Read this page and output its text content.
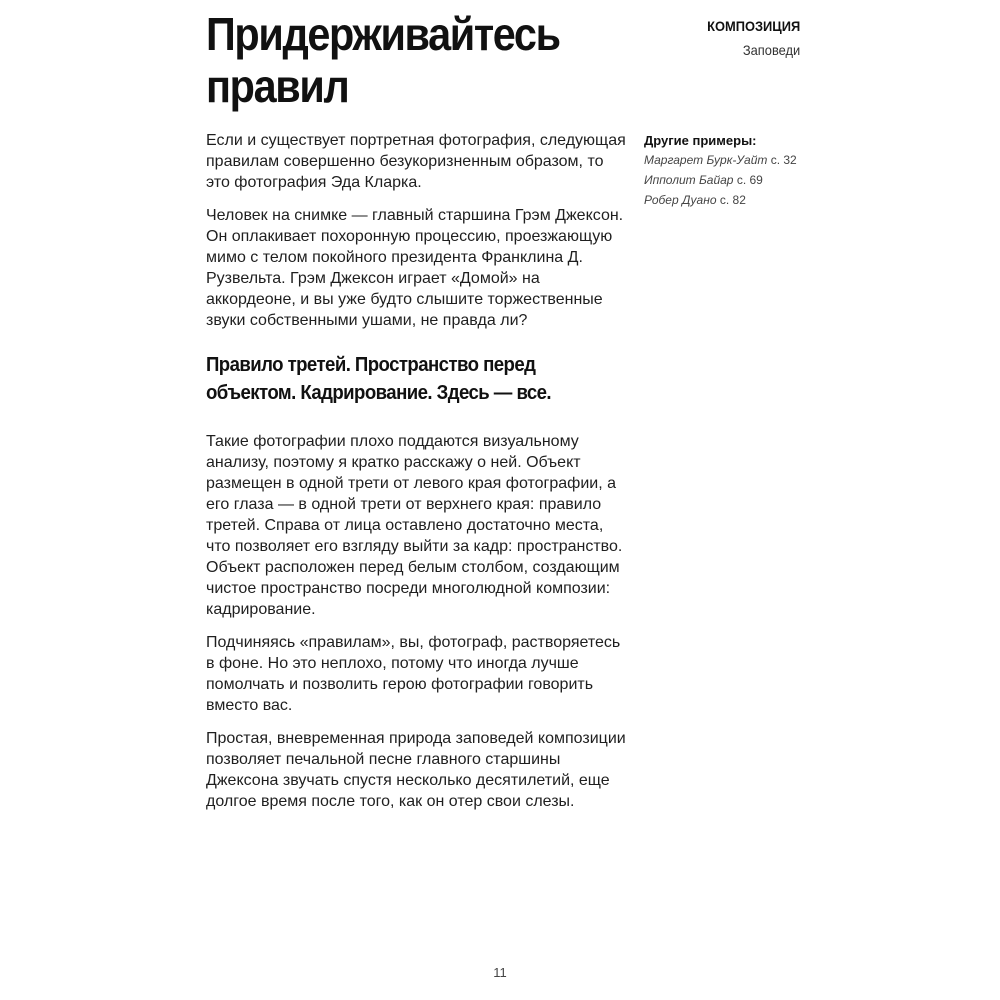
Придерживайтесь
правил
КОМПОЗИЦИЯ
Заповеди

Если и существует портретная фотография, следующая правилам совершенно безукоризненным образом, то это фотография Эда Кларка.

Человек на снимке — главный старшина Грэм Джексон. Он оплакивает похоронную процессию, проезжающую мимо с телом покойного президента Франклина Д. Рузвельта. Грэм Джексон играет «Домой» на аккордеоне, и вы уже будто слышите торжественные звуки собственными ушами, не правда ли?

Правило третей. Пространство перед объектом. Кадрирование. Здесь — все.

Такие фотографии плохо поддаются визуальному анализу, поэтому я кратко расскажу о ней. Объект размещен в одной трети от левого края фотографии, а его глаза — в одной трети от верхнего края: правило третей. Справа от лица оставлено достаточно места, что позволяет его взгляду выйти за кадр: пространство. Объект расположен перед белым столбом, создающим чистое пространство посреди многолюдной композии: кадрирование.

Подчиняясь «правилам», вы, фотограф, растворяетесь в фоне. Но это неплохо, потому что иногда лучше помолчать и позволить герою фотографии говорить вместо вас.

Простая, вневременная природа заповедей композиции позволяет печальной песне главного старшины Джексона звучать спустя несколько десятилетий, еще долгое время после того, как он отер свои слезы.

Другие примеры:
Маргарет Бурк-Уайт с. 32
Ипполит Байар с. 69
Робер Дуано с. 82
11
